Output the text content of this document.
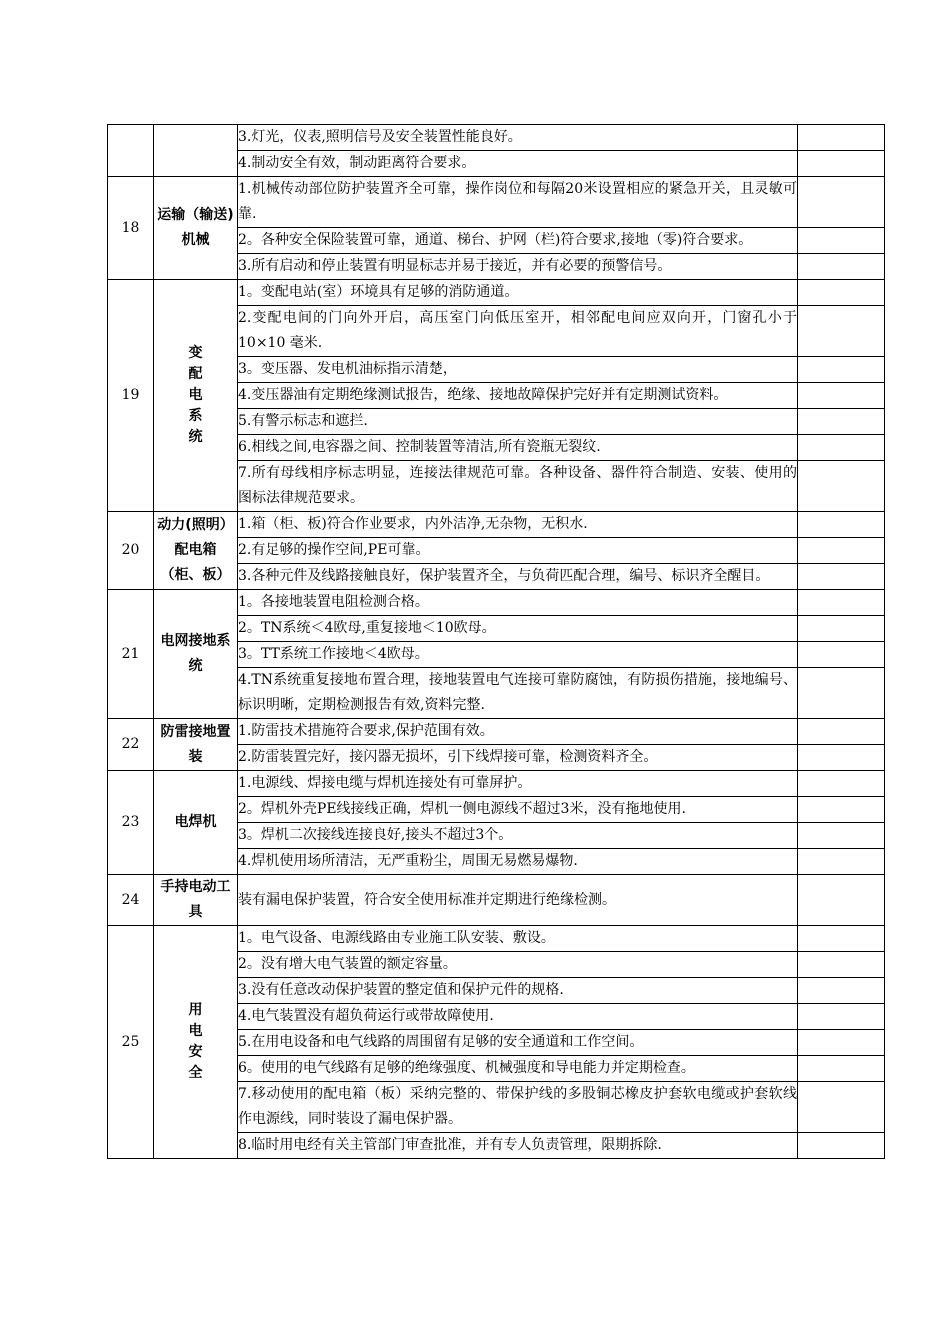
		3.灯光，仪表,照明信号及安全装置性能良好。	
		4.制动安全有效，制动距离符合要求。	
18	运输（输送)机械	1.机械传动部位防护装置齐全可靠，操作岗位和每隔20米设置相应的紧急开关，且灵敏可靠.	
		2。各种安全保险装置可靠，通道、梯台、护网（栏)符合要求,接地（零)符合要求。	
		3.所有启动和停止装置有明显标志并易于接近，并有必要的预警信号。	
19	变配电系统	1。变配电站(室）环境具有足够的消防通道。	
		2.变配电间的门向外开启，高压室门向低压室开，相邻配电间应双向开，门窗孔小于 10×10 毫米.	
		3。变压器、发电机油标指示清楚，	
		4.变压器油有定期绝缘测试报告，绝缘、接地故障保护完好并有定期测试资料。	
		5.有警示标志和遮拦.	
		6.相线之间,电容器之间、控制装置等清洁,所有瓷瓶无裂纹.	
		7.所有母线相序标志明显，连接法律规范可靠。各种设备、器件符合制造、安装、使用的图标法律规范要求。	
20	动力(照明）配电箱（柜、板）	1.箱（柜、板)符合作业要求，内外洁净,无杂物，无积水.	
		2.有足够的操作空间,PE可靠。	
		3.各种元件及线路接触良好，保护装置齐全，与负荷匹配合理，编号、标识齐全醒目。	
21	电网接地系统	1。各接地装置电阻检测合格。	
		2。TN系统＜4欧母,重复接地＜10欧母。	
		3。TT系统工作接地＜4欧母。	
		4.TN系统重复接地布置合理，接地装置电气连接可靠防腐蚀，有防损伤措施，接地编号、标识明晰，定期检测报告有效,资料完整.	
22	防雷接地置装	1.防雷技术措施符合要求,保护范围有效。	
		2.防雷装置完好，接闪器无损坏，引下线焊接可靠，检测资料齐全。	
23	电焊机	1.电源线、焊接电缆与焊机连接处有可靠屏护。	
		2。焊机外壳PE线接线正确，焊机一侧电源线不超过3米，没有拖地使用.	
		3。焊机二次接线连接良好,接头不超过3个。	
		4.焊机使用场所清洁，无严重粉尘，周围无易燃易爆物.	
24	手持电动工具	装有漏电保护装置，符合安全使用标准并定期进行绝缘检测。	
25	用电安全	1。电气设备、电源线路由专业施工队安装、敷设。	
		2。没有增大电气装置的额定容量。	
		3.没有任意改动保护装置的整定值和保护元件的规格.	
		4.电气装置没有超负荷运行或带故障使用.	
		5.在用电设备和电气线路的周围留有足够的安全通道和工作空间。	
		6。使用的电气线路有足够的绝缘强度、机械强度和导电能力并定期检查。	
		7.移动使用的配电箱（板）采纳完整的、带保护线的多股铜芯橡皮护套软电缆或护套软线作电源线，同时装设了漏电保护器。	
		8.临时用电经有关主管部门审查批准，并有专人负责管理，限期拆除.	
